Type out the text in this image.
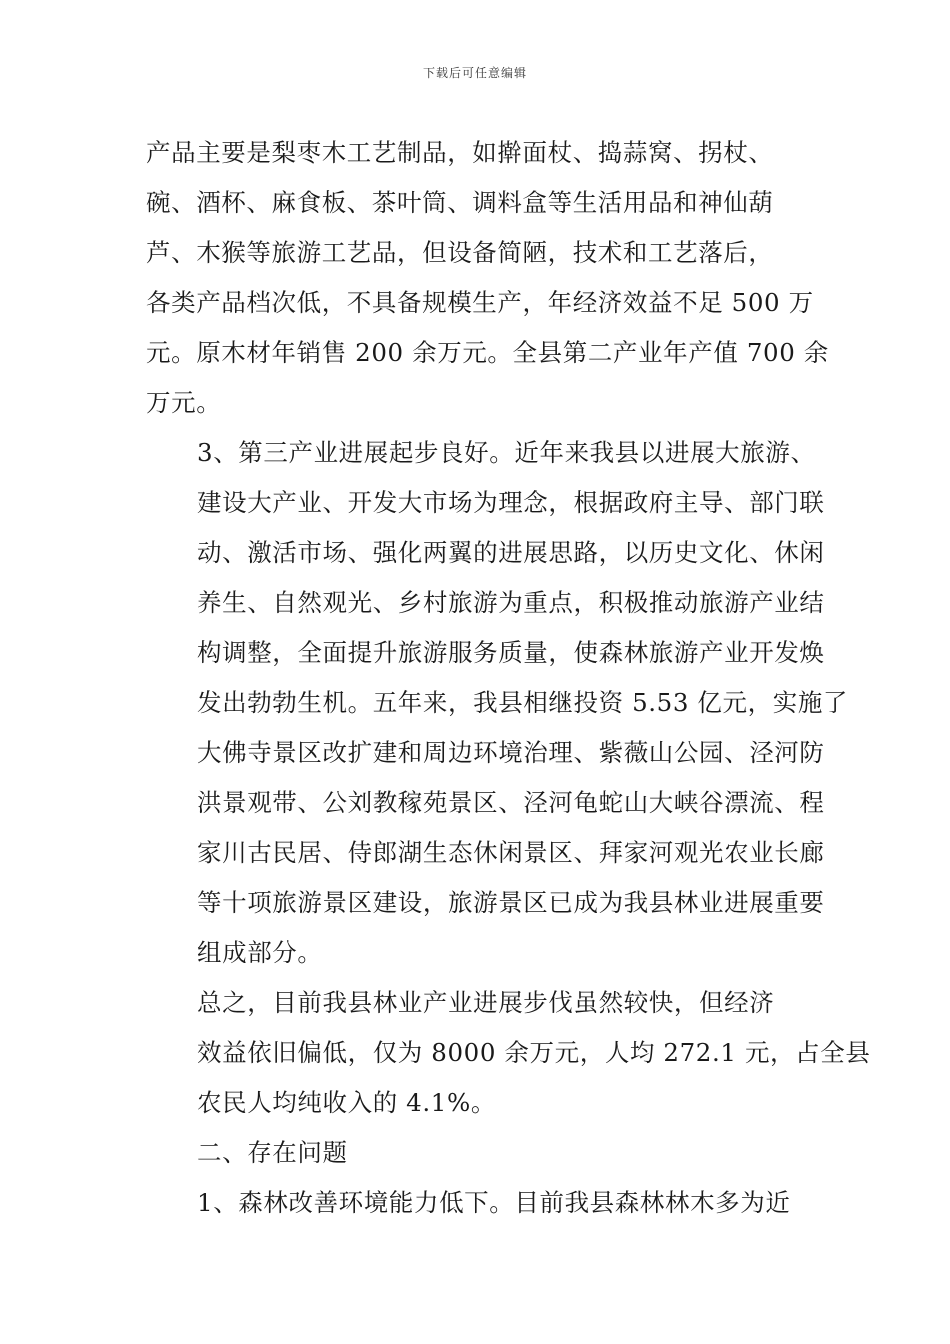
下载后可任意编辑

产品主要是梨枣木工艺制品，如擀面杖、捣蒜窝、拐杖、
碗、酒杯、麻食板、茶叶筒、调料盒等生活用品和神仙葫
芦、木猴等旅游工艺品，但设备简陋，技术和工艺落后，
各类产品档次低，不具备规模生产，年经济效益不足 500 万
元。原木材年销售 200 余万元。全县第二产业年产值 700 余
万元。

3、第三产业进展起步良好。近年来我县以进展大旅游、
建设大产业、开发大市场为理念，根据政府主导、部门联
动、激活市场、强化两翼的进展思路，以历史文化、休闲
养生、自然观光、乡村旅游为重点，积极推动旅游产业结
构调整，全面提升旅游服务质量，使森林旅游产业开发焕
发出勃勃生机。五年来，我县相继投资 5.53 亿元，实施了
大佛寺景区改扩建和周边环境治理、紫薇山公园、泾河防
洪景观带、公刘教稼苑景区、泾河龟蛇山大峡谷漂流、程
家川古民居、侍郎湖生态休闲景区、拜家河观光农业长廊
等十项旅游景区建设，旅游景区已成为我县林业进展重要
组成部分。

总之，目前我县林业产业进展步伐虽然较快，但经济
效益依旧偏低，仅为 8000 余万元，人均 272.1 元，占全县
农民人均纯收入的 4.1%。

二、存在问题

1、森林改善环境能力低下。目前我县森林林木多为近
